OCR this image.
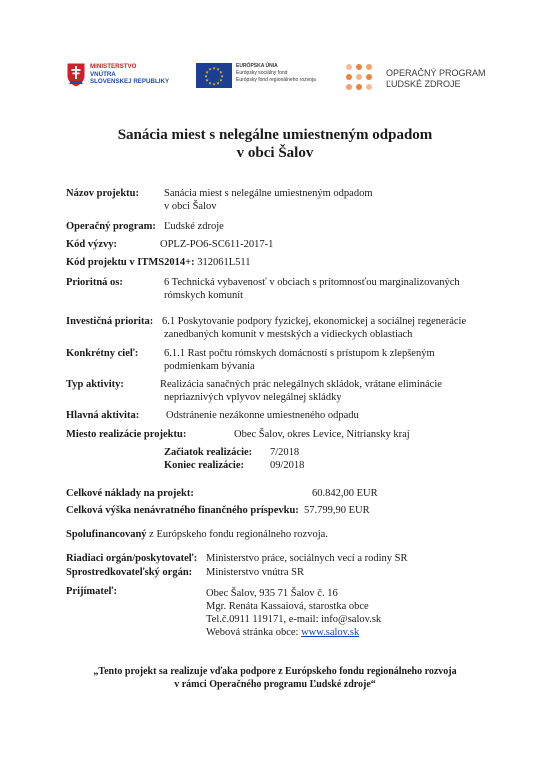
MINISTERSTVO
VNÚTRA
SLOVENSKEJ REPUBLIKY
★
★
★
★
★
★
★
★
★ ★ ★
★
EURÓPSKA ÚNIA
Európsky sociálny fond
Európsky fond regionálneho rozvoja
OPERAČNÝ PROGRAM
ĽUDSKÉ ZDROJE
Sanácia miest s nelegálne umiestneným odpadom
v obci Šalov
Názov projektu: Sanácia miest s nelegálne umiestneným odpadom
v obci Šalov
Operačný program: Ľudské zdroje
Kód výzvy:	OPLZ-PO6-SC611-2017-1
Kód projektu v ITMS2014+: 312061L511
Prioritná os:	6 Technická vybavenosť v obciach s prítomnosťou marginalizovaných
rómskych komunít
Investičná priorita: 6.1 Poskytovanie podpory fyzickej, ekonomickej a sociálnej regenerácie
zanedbaných komunít v mestských a vidieckych oblastiach
Konkrétny cieľ: 6.1.1 Rast počtu rómskych domácností s prístupom k zlepšeným
podmienkam bývania
Typ aktivity:	Realizácia sanačných prác nelegálnych skládok, vrátane eliminácie
nepriaznivých vplyvov nelegálnej skládky
Hlavná aktivita:	Odstránenie nezákonne umiestneného odpadu
Miesto realizácie projektu:	Obec Šalov, okres Levice, Nitriansky kraj
Začiatok realizácie: 7/2018
Koniec realizácie: 09/2018
Celkové náklady na projekt:	60.842,00 EUR
Celková výška nenávratného finančného príspevku: 57.799,90 EUR
Spolufinancovaný z Európskeho fondu regionálneho rozvoja.
Riadiaci orgán/poskytovateľ: Ministerstvo práce, sociálnych vecí a rodiny SR
Sprostredkovateľský orgán: Ministerstvo vnútra SR
Prijímateľ:	Obec Šalov, 935 71 Šalov č. 16
Mgr. Renáta Kassaiová, starostka obce
Tel.č.0911 119171, e-mail: info@salov.sk
Webová stránka obce: www.salov.sk
„Tento projekt sa realizuje vďaka podpore z Európskeho fondu regionálneho rozvoja
v rámci Operačného programu Ľudské zdroje“
